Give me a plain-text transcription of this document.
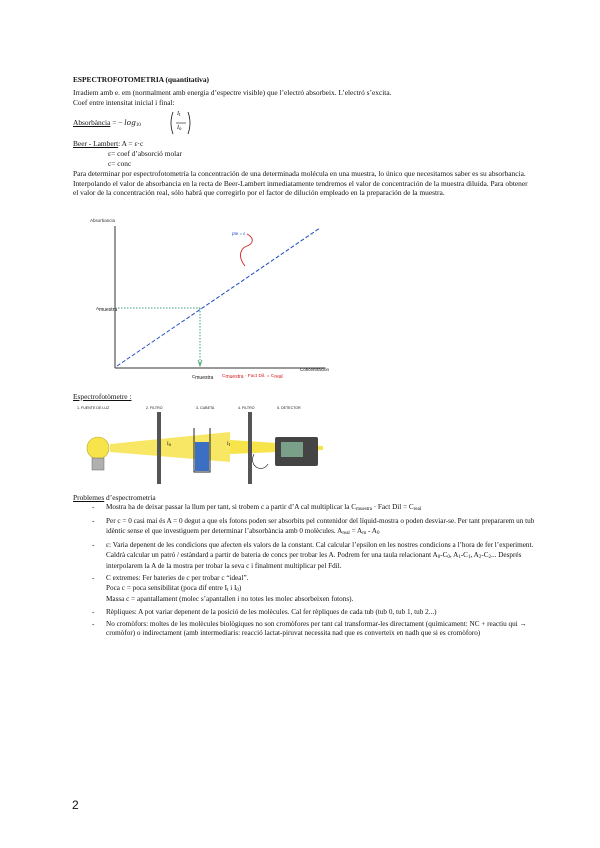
ESPECTROFOTOMETRIA (quantitativa)
Irradiem amb e. em (normalment amb energia d’espectre visible) que l’electró absorbeix. L’electró s’excita.
Coef entre intensitat inicial i final:
Absorbància = − $\log_{10}$
$I_t$
$I_o$
Beer - Lambert: A = ε·c
ε= coef d’absorció molar
c= conc
Para determinar por espectrofotometría la concentración de una determinada molécula en una muestra, lo único que necesitamos saber es su absorbancia. Interpolando el valor de absorbancia en la recta de Beer-Lambert inmediatamente tendremos el valor de concentración de la muestra diluida. Para obtener el valor de la concentración real, sólo habrá que corregirlo por el factor de dilución empleado en la preparación de la muestra.
Absorbancia
pte = ε
Amuestra
Cmuestra
Concentración
Cmuestra · Fact Dil. = Creal
Espectrofotòmetre :
1. FUENTE DE LUZ	2. FILTRO	3. CUBETA	4. FILTRO	5. DETECTOR
Io	It
Problemes d’espectrometria
- Mostra ha de deixar passar la llum per tant, si trobem c a partir d’A cal multiplicar la $C_{muestra}$ · Fact Dil = $C_{real}$
- Per c = 0 casi mai és A = 0 degut a que els fotons poden ser absorbits pel contenidor del líquid-mostra o poden desviar-se. Per tant prepararem un tub idèntic sense el que investiguem per determinar l’absorbància amb 0 molècules. $A_{real} = A_m - A_0$
- ε: Varia depenent de les condicions que afecten els valors de la constant. Cal calcular l’epsilon en les nostres condicions a l’hora de fer l’experiment. Caldrà calcular un patró / estàndard a partir de bateria de concs per trobar les A. Podrem fer una taula relacionant $A_0-C_0$, $A_1-C_1$, $A_2-C_2$... Després interpolarem la A de la mostra per trobar la seva c i finalment multiplicar pel Fdil.
- C extremes: Fer bateries de c per trobar c “ideal”.
Poca c = poca sensibilitat (poca dif entre $I_t$ i $I_0$)
Massa c = apantallament (molec s’apantallen i no totes les molec absorbeixen fotons).
- Rèpliques: A pot variar depenent de la posició de les molècules. Cal fer rèpliques de cada tub (tub 0, tub 1, tub 2...)
- No cromòfors: moltes de les molècules biològiques no son cromòfores per tant cal transformar-les directament (químicament: NC + reactiu qui → cromòfor) o indirectament (amb intermediaris: reacció lactat-piruvat necessita nad que es converteix en nadh que si es cromòforo)
2
